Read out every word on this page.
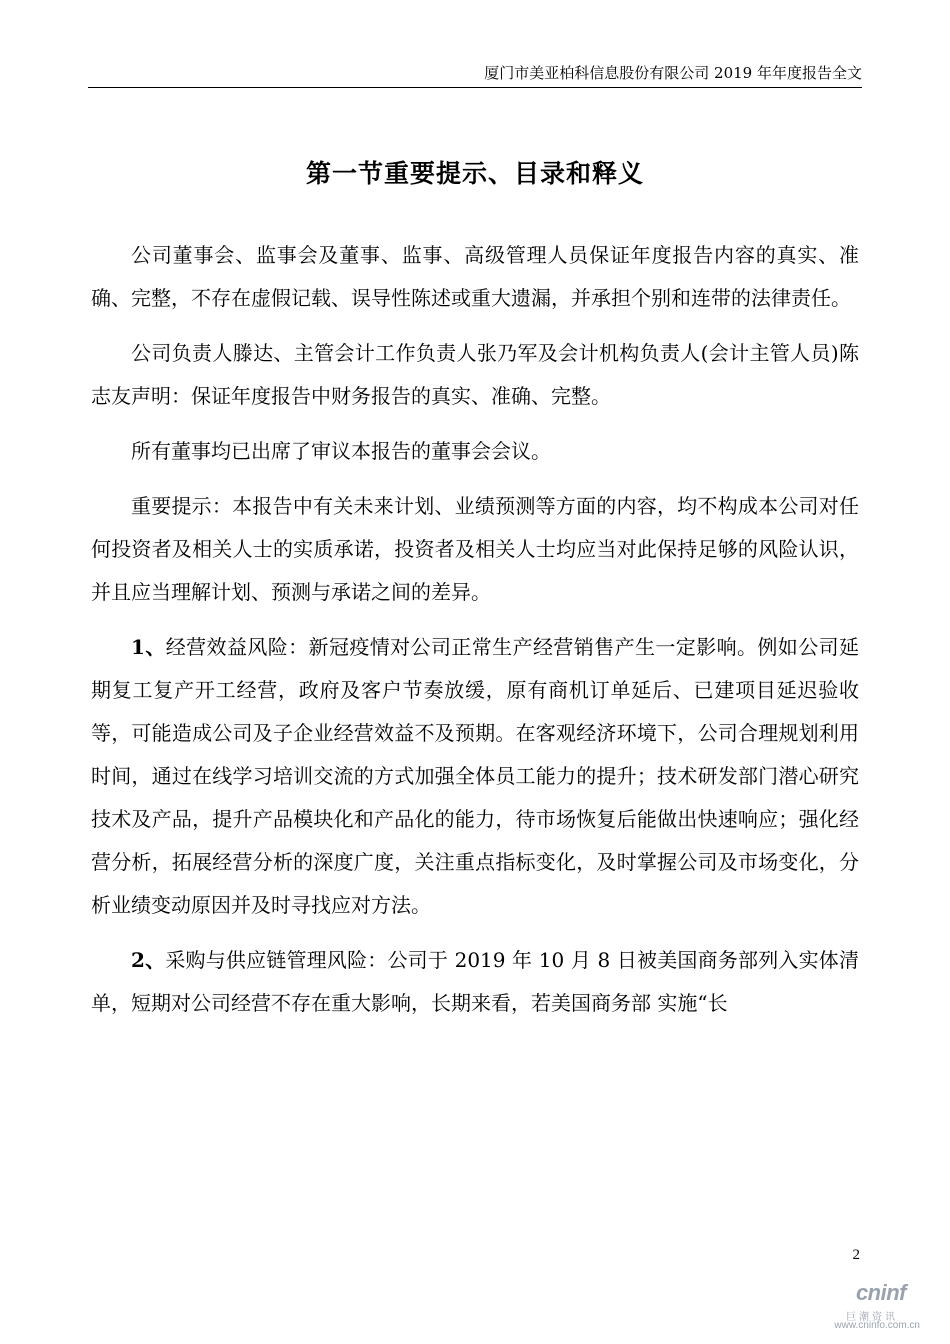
厦门市美亚柏科信息股份有限公司 2019 年年度报告全文
第一节重要提示、目录和释义

公司董事会、监事会及董事、监事、高级管理人员保证年度报告内容的真实、准确、完整，不存在虚假记载、误导性陈述或重大遗漏，并承担个别和连带的法律责任。

公司负责人滕达、主管会计工作负责人张乃军及会计机构负责人(会计主管人员)陈志友声明：保证年度报告中财务报告的真实、准确、完整。

所有董事均已出席了审议本报告的董事会会议。

重要提示：本报告中有关未来计划、业绩预测等方面的内容，均不构成本公司对任何投资者及相关人士的实质承诺，投资者及相关人士均应当对此保持足够的风险认识，并且应当理解计划、预测与承诺之间的差异。

1、经营效益风险：新冠疫情对公司正常生产经营销售产生一定影响。例如公司延期复工复产开工经营，政府及客户节奏放缓，原有商机订单延后、已建项目延迟验收等，可能造成公司及子企业经营效益不及预期。在客观经济环境下，公司合理规划利用时间，通过在线学习培训交流的方式加强全体员工能力的提升；技术研发部门潜心研究技术及产品，提升产品模块化和产品化的能力，待市场恢复后能做出快速响应；强化经营分析，拓展经营分析的深度广度，关注重点指标变化，及时掌握公司及市场变化，分析业绩变动原因并及时寻找应对方法。

2、采购与供应链管理风险：公司于 2019 年 10 月 8 日被美国商务部列入实体清单，短期对公司经营不存在重大影响，长期来看，若美国商务部 实施“长

2
cninf
巨潮资讯
www.cninfo.com.cn
